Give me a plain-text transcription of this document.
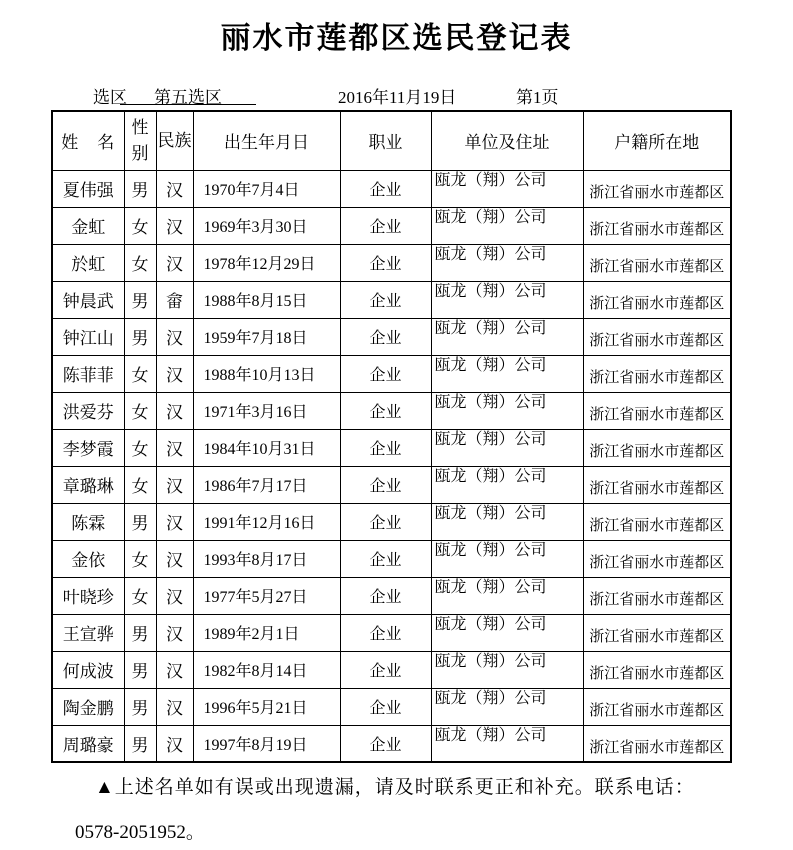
丽水市莲都区选民登记表
选区	第五选区	2016年11月19日	第1页
姓　名	性别	民族	出生年月日	职业	单位及住址	户籍所在地
夏伟强	男	汉	1970年7月4日	企业	瓯龙（翔）公司	浙江省丽水市莲都区
金虹	女	汉	1969年3月30日	企业	瓯龙（翔）公司	浙江省丽水市莲都区
於虹	女	汉	1978年12月29日	企业	瓯龙（翔）公司	浙江省丽水市莲都区
钟晨武	男	畲	1988年8月15日	企业	瓯龙（翔）公司	浙江省丽水市莲都区
钟江山	男	汉	1959年7月18日	企业	瓯龙（翔）公司	浙江省丽水市莲都区
陈菲菲	女	汉	1988年10月13日	企业	瓯龙（翔）公司	浙江省丽水市莲都区
洪爱芬	女	汉	1971年3月16日	企业	瓯龙（翔）公司	浙江省丽水市莲都区
李梦霞	女	汉	1984年10月31日	企业	瓯龙（翔）公司	浙江省丽水市莲都区
章璐琳	女	汉	1986年7月17日	企业	瓯龙（翔）公司	浙江省丽水市莲都区
陈霖	男	汉	1991年12月16日	企业	瓯龙（翔）公司	浙江省丽水市莲都区
金依	女	汉	1993年8月17日	企业	瓯龙（翔）公司	浙江省丽水市莲都区
叶晓珍	女	汉	1977年5月27日	企业	瓯龙（翔）公司	浙江省丽水市莲都区
王宣骅	男	汉	1989年2月1日	企业	瓯龙（翔）公司	浙江省丽水市莲都区
何成波	男	汉	1982年8月14日	企业	瓯龙（翔）公司	浙江省丽水市莲都区
陶金鹏	男	汉	1996年5月21日	企业	瓯龙（翔）公司	浙江省丽水市莲都区
周璐豪	男	汉	1997年8月19日	企业	瓯龙（翔）公司	浙江省丽水市莲都区
▲上述名单如有误或出现遗漏，请及时联系更正和补充。联系电话：
0578-2051952。
